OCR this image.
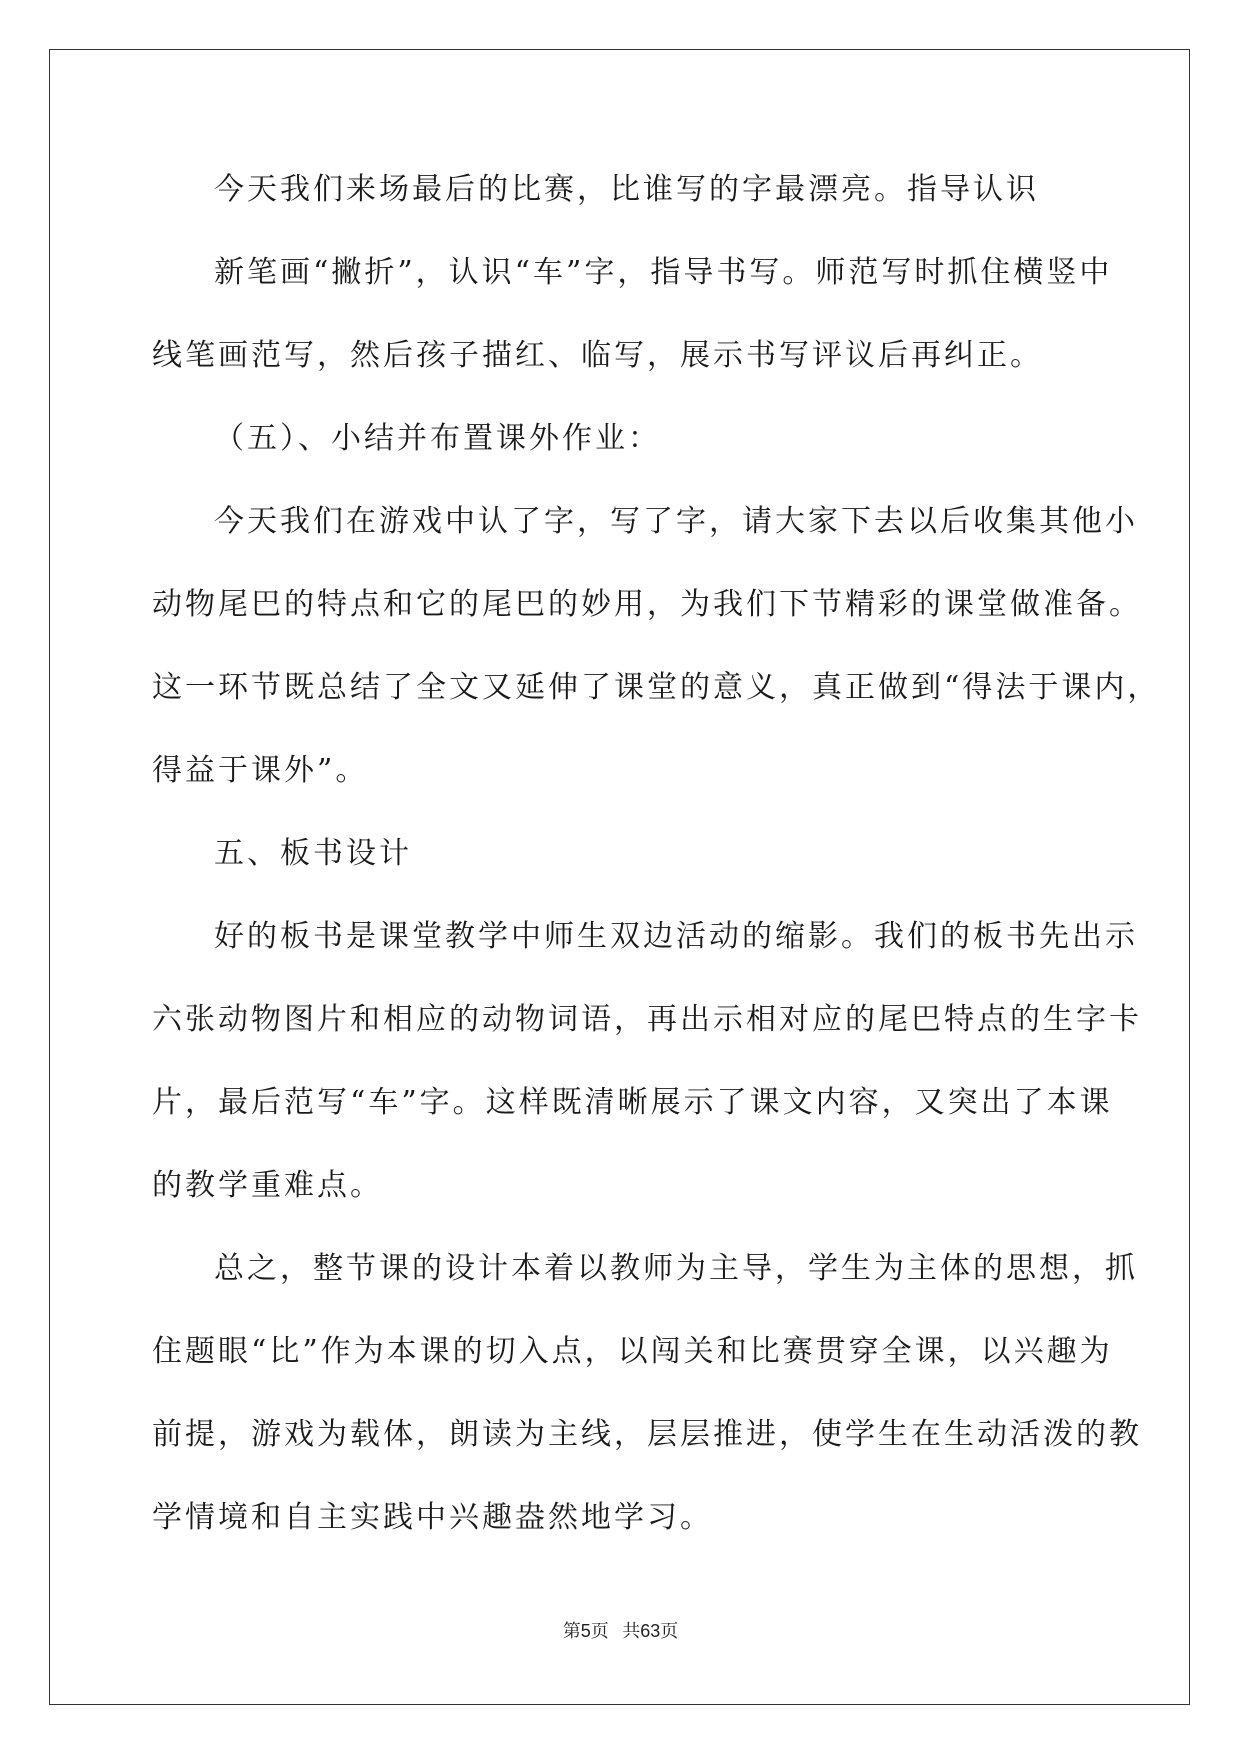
今天我们来场最后的比赛，比谁写的字最漂亮。指导认识

新笔画“撇折”，认识“车”字，指导书写。师范写时抓住横竖中

线笔画范写，然后孩子描红、临写，展示书写评议后再纠正。

（五）、小结并布置课外作业：

今天我们在游戏中认了字，写了字，请大家下去以后收集其他小

动物尾巴的特点和它的尾巴的妙用，为我们下节精彩的课堂做准备。

这一环节既总结了全文又延伸了课堂的意义，真正做到“得法于课内，

得益于课外”。

五、板书设计

好的板书是课堂教学中师生双边活动的缩影。我们的板书先出示

六张动物图片和相应的动物词语，再出示相对应的尾巴特点的生字卡

片，最后范写“车”字。这样既清晰展示了课文内容，又突出了本课

的教学重难点。

总之，整节课的设计本着以教师为主导，学生为主体的思想，抓

住题眼“比”作为本课的切入点，以闯关和比赛贯穿全课，以兴趣为

前提，游戏为载体，朗读为主线，层层推进，使学生在生动活泼的教

学情境和自主实践中兴趣盎然地学习。

第5页 共63页
